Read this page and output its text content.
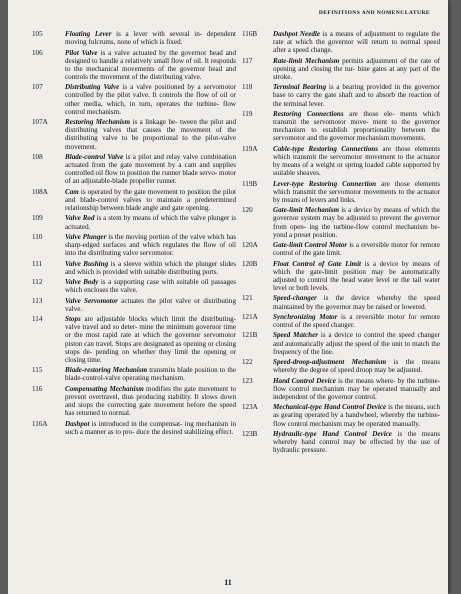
DEFINITIONS AND NOMENCLATURE
105	Floating Lever is a lever with several in- dependent moving fulcrums, none of which is fixed.
106	Pilot Valve is a valve actuated by the governor head and designed to handle a relatively small flow of oil. It responds to the mechanical movements of the governor head and controls the movement of the distributing valve.
107	Distributing Valve is a valve positioned by a servomotor controlled by the pilot valve. It controls the flow of oil or other media, which, in turn, operates the turbine- flow control mechanism.
107A	Restoring Mechanism is a linkage be- tween the pilot and distributing valves that causes the movement of the distributing valve to be proportional to the pilot-valve movement.
108	Blade-control Valve is a pilot and relay valve combination actuated from the gate movement by a cam and supplies controlled oil flow to position the runner blade servo- motor of an adjustable-blade propeller runner.
108A	Cam is operated by the gate movement to position the pilot and blade-control valves to maintain a predetermined relationship between blade angle and gate opening.
109	Valve Rod is a stem by means of which the valve plunger is actuated.
110	Valve Plunger is the moving portion of the valve which has sharp-edged surfaces and which regulates the flow of oil into the distributing valve servomotor.
111	Valve Bushing is a sleeve within which the plunger slides and which is provided with suitable distributing ports.
112	Valve Body is a supporting case with suitable oil passages which encloses the valve.
113	Valve Servomotor actuates the pilot valve or distributing valve.
114	Stops are adjustable blocks which limit the distributing-valve travel and so deter- mine the minimum governor time or the most rapid rate at which the governor servomotor piston can travel. Stops are designated as opening or closing stops de- pending on whether they limit the opening or closing time.
115	Blade-restoring Mechanism transmits blade position to the blade-control-valve operating mechanism.
116	Compensating Mechanism modifies the gate movement to prevent overtravel, thus producing stability. It slows down and stops the correcting gate movement before the speed has returned to normal.
116A	Dashpot is introduced in the compensat- ing mechanism in such a manner as to pro- duce the desired stabilizing effect.
116B	Dashpot Needle is a means of adjustment to regulate the rate at which the governor will return to normal speed after a speed change.
117	Rate-limit Mechanism permits adjustment of the rate of opening and closing the tur- bine gates at any part of the stroke.
118	Terminal Bearing is a bearing provided in the governor base to carry the gate shaft and to absorb the reaction of the terminal lever.
119	Restoring Connections are those ele- ments which transmit the servomotor move- ment to the governor mechanism to establish proportionality between the servomotor and the governor mechanism movements.
119A	Cable-type Restoring Connections are those elements which transmit the servomotor movement to the actuator by means of a weight or spring loaded cable supported by suitable sheaves.
119B	Lever-type Restoring Connection are those elements which transmit the servomotor movements to the actuator by means of levers and links.
120	Gate-limit Mechanism is a device by means of which the governor system may be adjusted to prevent the governor from open- ing the turbine-flow control mechanism be- yond a preset position.
120A	Gate-limit Control Motor is a reversible motor for remote control of the gate limit.
120B	Float Control of Gate Limit is a device by means of which the gate-limit position may be automatically adjusted to control the head water level or the tail water level or both levels.
121	Speed-changer is the device whereby the speed maintained by the governor may be raised or lowered.
121A	Synchronizing Motor is a reversible motor for remote control of the speed changer.
121B	Speed Matcher is a device to control the speed changer and automatically adjust the speed of the unit to match the frequency of the line.
122	Speed-droop-adjustment Mechanism is the means whereby the degree of speed droop may be adjusted.
123	Hand Control Device is the means where- by the turbine-flow control mechanism may be operated manually and independent of the governor control.
123A	Mechanical-type Hand Control Device is the means, such as gearing operated by a handwheel, whereby the turbine-flow control mechanism may be operated manually.
123B	Hydraulic-type Hand Control Device is the means whereby hand control may be effected by the use of hydraulic pressure.
11
